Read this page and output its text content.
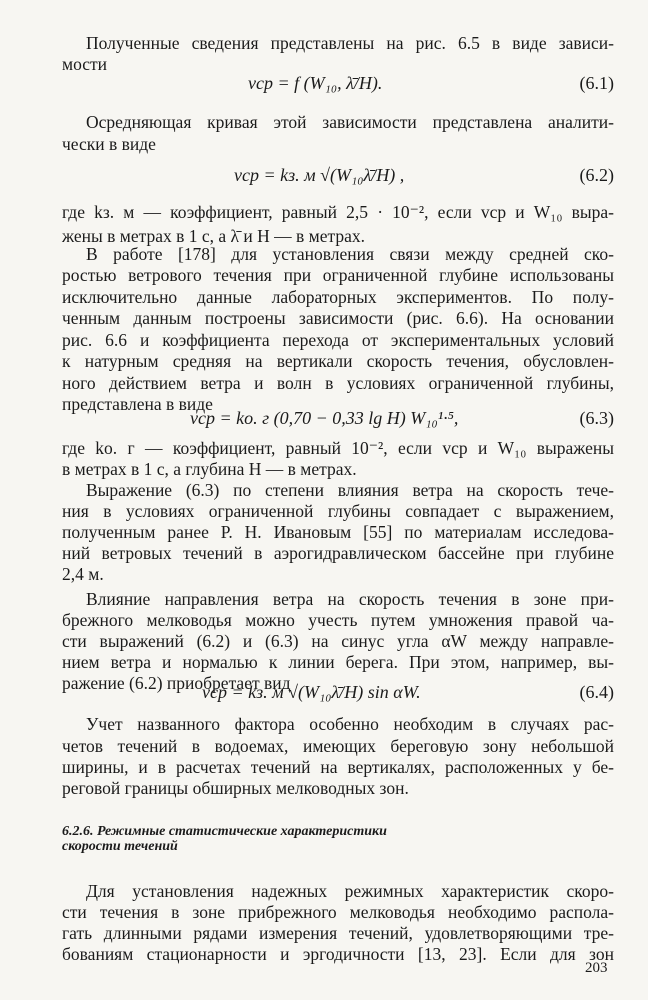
Полученные сведения представлены на рис. 6.5 в виде зависи-
мости
vср = f (W₁₀, λ̄/H).	(6.1)
Осредняющая кривая этой зависимости представлена аналити-
чески в виде
vср = kз. м √(W₁₀λ̄/H) ,	(6.2)
где kз. м — коэффициент, равный 2,5 · 10⁻², если vср и W₁₀ выра-
жены в метрах в 1 с, а λ̄ и H — в метрах.
В работе [178] для установления связи между средней ско-
ростью ветрового течения при ограниченной глубине использованы
исключительно данные лабораторных экспериментов. По полу-
ченным данным построены зависимости (рис. 6.6). На основании
рис. 6.6 и коэффициента перехода от экспериментальных условий
к натурным средняя на вертикали скорость течения, обусловлен-
ного действием ветра и волн в условиях ограниченной глубины,
представлена в виде
vср = kо. г (0,70 − 0,33 lg H) W₁₀¹·⁵,	(6.3)
где kо. г — коэффициент, равный 10⁻², если vср и W₁₀ выражены
в метрах в 1 с, а глубина H — в метрах.
Выражение (6.3) по степени влияния ветра на скорость тече-
ния в условиях ограниченной глубины совпадает с выражением,
полученным ранее Р. Н. Ивановым [55] по материалам исследова-
ний ветровых течений в аэрогидравлическом бассейне при глубине
2,4 м.
Влияние направления ветра на скорость течения в зоне при-
брежного мелководья можно учесть путем умножения правой ча-
сти выражений (6.2) и (6.3) на синус угла αW между направле-
нием ветра и нормалью к линии берега. При этом, например, вы-
ражение (6.2) приобретает вид
vср = kз. м √(W₁₀λ̄/H) sin αW.	(6.4)
Учет названного фактора особенно необходим в случаях рас-
четов течений в водоемах, имеющих береговую зону небольшой
ширины, и в расчетах течений на вертикалях, расположенных у бе-
реговой границы обширных мелководных зон.
6.2.6. Режимные статистические характеристики
скорости течений
Для установления надежных режимных характеристик скоро-
сти течения в зоне прибрежного мелководья необходимо распола-
гать длинными рядами измерения течений, удовлетворяющими тре-
бованиям стационарности и эргодичности [13, 23]. Если для зон
203
